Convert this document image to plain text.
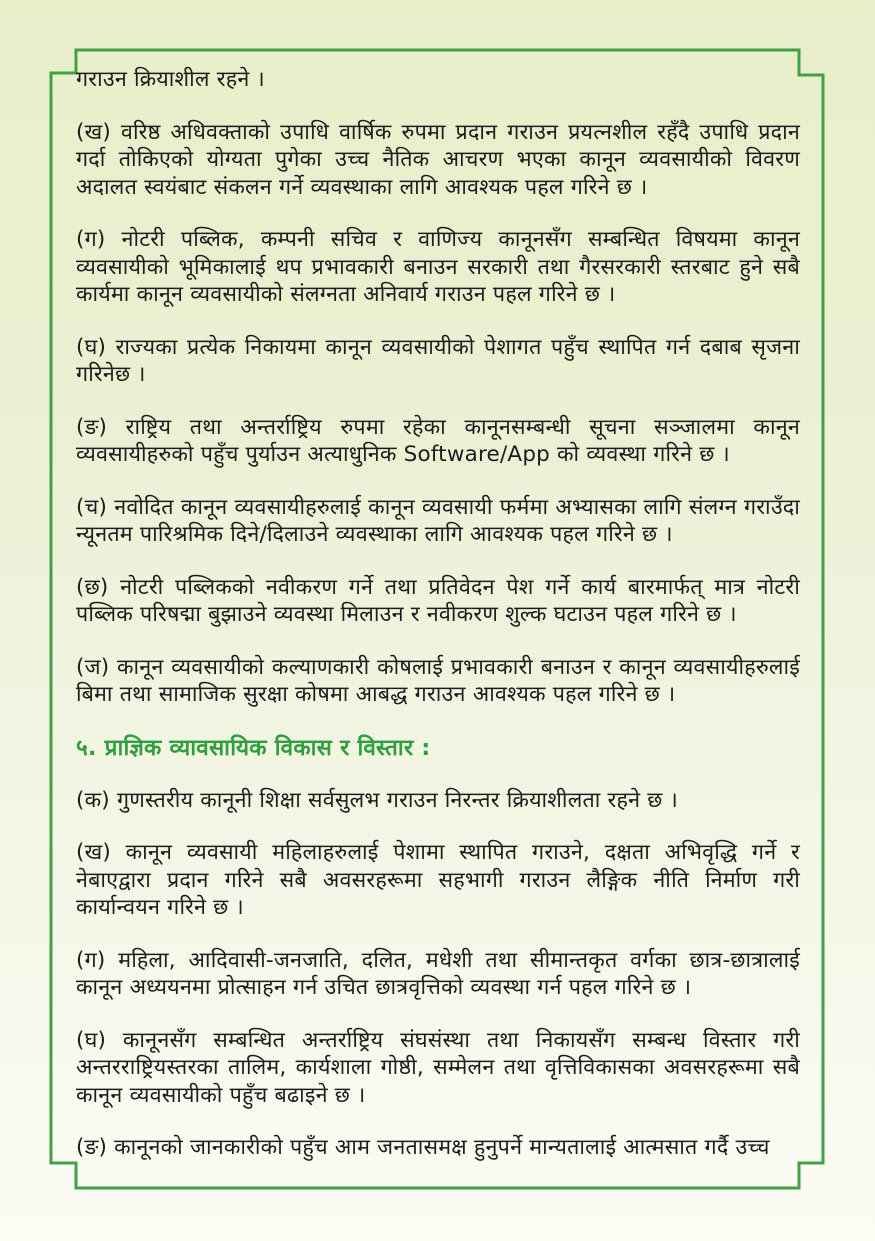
गराउन क्रियाशील रहने ।

(ख) वरिष्ठ अधिवक्ताको उपाधि वार्षिक रुपमा प्रदान गराउन प्रयत्नशील रहँदै उपाधि प्रदान गर्दा तोकिएको योग्यता पुगेका उच्च नैतिक आचरण भएका कानून व्यवसायीको विवरण अदालत स्वयंबाट संकलन गर्ने व्यवस्थाका लागि आवश्यक पहल गरिने छ ।

(ग) नोटरी पब्लिक, कम्पनी सचिव र वाणिज्य कानूनसँग सम्बन्धित विषयमा कानून व्यवसायीको भूमिकालाई थप प्रभावकारी बनाउन सरकारी तथा गैरसरकारी स्तरबाट हुने सबै कार्यमा कानून व्यवसायीको संलग्नता अनिवार्य गराउन पहल गरिने छ ।

(घ) राज्यका प्रत्येक निकायमा कानून व्यवसायीको पेशागत पहुँच स्थापित गर्न दबाब सृजना गरिनेछ ।

(ङ) राष्ट्रिय तथा अन्तर्राष्ट्रिय रुपमा रहेका कानूनसम्बन्धी सूचना सञ्जालमा कानून व्यवसायीहरुको पहुँच पुर्याउन अत्याधुनिक Software/App को व्यवस्था गरिने छ ।

(च) नवोदित कानून व्यवसायीहरुलाई कानून व्यवसायी फर्ममा अभ्यासका लागि संलग्न गराउँदा न्यूनतम पारिश्रमिक दिने/दिलाउने व्यवस्थाका लागि आवश्यक पहल गरिने छ ।

(छ) नोटरी पब्लिकको नवीकरण गर्ने तथा प्रतिवेदन पेश गर्ने कार्य बारमार्फत् मात्र नोटरी पब्लिक परिषद्मा बुझाउने व्यवस्था मिलाउन र नवीकरण शुल्क घटाउन पहल गरिने छ ।

(ज) कानून व्यवसायीको कल्याणकारी कोषलाई प्रभावकारी बनाउन र कानून व्यवसायीहरुलाई बिमा तथा सामाजिक सुरक्षा कोषमा आबद्ध गराउन आवश्यक पहल गरिने छ ।

५. प्राज्ञिक व्यावसायिक विकास र विस्तार :

(क) गुणस्तरीय कानूनी शिक्षा सर्वसुलभ गराउन निरन्तर क्रियाशीलता रहने छ ।

(ख) कानून व्यवसायी महिलाहरुलाई पेशामा स्थापित गराउने, दक्षता अभिवृद्धि गर्ने र नेबाएद्वारा प्रदान गरिने सबै अवसरहरूमा सहभागी गराउन लैङ्गिक नीति निर्माण गरी कार्यान्वयन गरिने छ ।

(ग) महिला, आदिवासी-जनजाति, दलित, मधेशी तथा सीमान्तकृत वर्गका छात्र-छात्रालाई कानून अध्ययनमा प्रोत्साहन गर्न उचित छात्रवृत्तिको व्यवस्था गर्न पहल गरिने छ ।

(घ) कानूनसँग सम्बन्धित अन्तर्राष्ट्रिय संघसंस्था तथा निकायसँग सम्बन्ध विस्तार गरी अन्तरराष्ट्रियस्तरका तालिम, कार्यशाला गोष्ठी, सम्मेलन तथा वृत्तिविकासका अवसरहरूमा सबै कानून व्यवसायीको पहुँच बढाइने छ ।

(ङ) कानूनको जानकारीको पहुँच आम जनतासमक्ष हुनुपर्ने मान्यतालाई आत्मसात गर्दै उच्च
